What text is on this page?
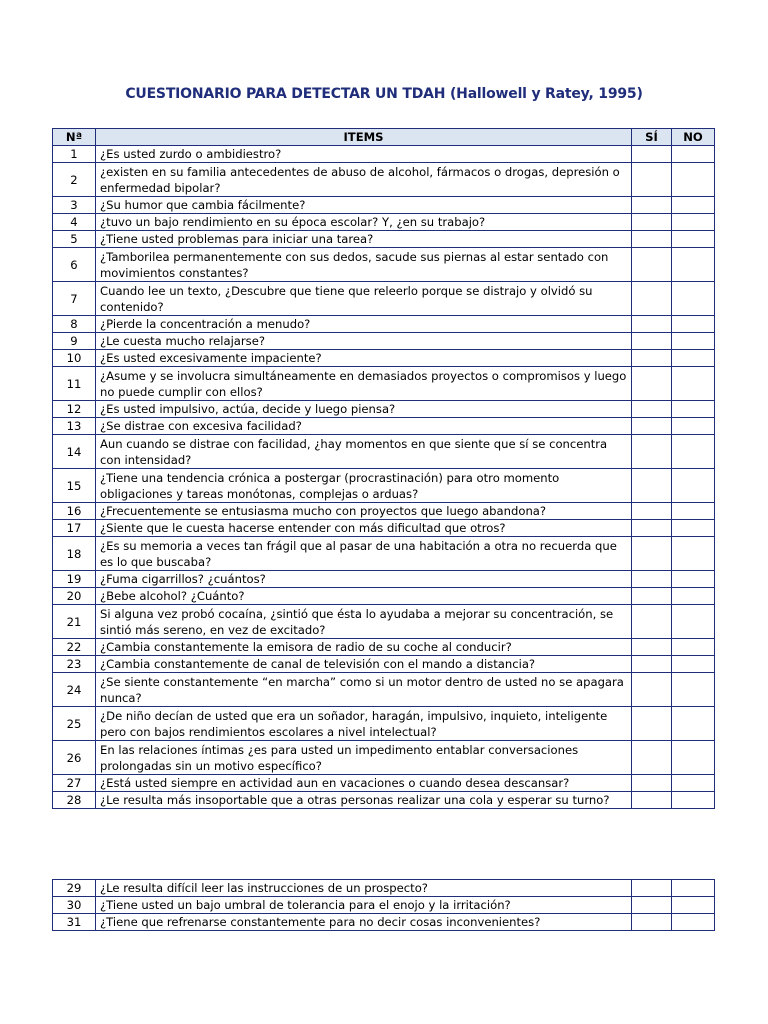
CUESTIONARIO PARA DETECTAR UN TDAH (Hallowell y Ratey, 1995)
Nª	ITEMS	SÍ	NO
1	¿Es usted zurdo o ambidiestro?		
2	¿existen en su familia antecedentes de abuso de alcohol, fármacos o drogas, depresión o enfermedad bipolar?		
3	¿Su humor que cambia fácilmente?		
4	¿tuvo un bajo rendimiento en su época escolar? Y, ¿en su trabajo?		
5	¿Tiene usted problemas para iniciar una tarea?		
6	¿Tamborilea permanentemente con sus dedos, sacude sus piernas al estar sentado con movimientos constantes?		
7	Cuando lee un texto, ¿Descubre que tiene que releerlo porque se distrajo y olvidó su contenido?		
8	¿Pierde la concentración a menudo?		
9	¿Le cuesta mucho relajarse?		
10	¿Es usted excesivamente impaciente?		
11	¿Asume y se involucra simultáneamente en demasiados proyectos o compromisos y luego no puede cumplir con ellos?		
12	¿Es usted impulsivo, actúa, decide y luego piensa?		
13	¿Se distrae con excesiva facilidad?		
14	Aun cuando se distrae con facilidad, ¿hay momentos en que siente que sí se concentra con intensidad?		
15	¿Tiene una tendencia crónica a postergar (procrastinación) para otro momento obligaciones y tareas monótonas, complejas o arduas?		
16	¿Frecuentemente se entusiasma mucho con proyectos que luego abandona?		
17	¿Siente que le cuesta hacerse entender con más dificultad que otros?		
18	¿Es su memoria a veces tan frágil que al pasar de una habitación a otra no recuerda que es lo que buscaba?		
19	¿Fuma cigarrillos? ¿cuántos?		
20	¿Bebe alcohol? ¿Cuánto?		
21	Si alguna vez probó cocaína, ¿sintió que ésta lo ayudaba a mejorar su concentración, se sintió más sereno, en vez de excitado?		
22	¿Cambia constantemente la emisora de radio de su coche al conducir?		
23	¿Cambia constantemente de canal de televisión con el mando a distancia?		
24	¿Se siente constantemente “en marcha” como si un motor dentro de usted no se apagara nunca?		
25	¿De niño decían de usted que era un soñador, haragán, impulsivo, inquieto, inteligente pero con bajos rendimientos escolares a nivel intelectual?		
26	En las relaciones íntimas ¿es para usted un impedimento entablar conversaciones prolongadas sin un motivo específico?		
27	¿Está usted siempre en actividad aun en vacaciones o cuando desea descansar?		
28	¿Le resulta más insoportable que a otras personas realizar una cola y esperar su turno?		
29	¿Le resulta difícil leer las instrucciones de un prospecto?		
30	¿Tiene usted un bajo umbral de tolerancia para el enojo y la irritación?		
31	¿Tiene que refrenarse constantemente para no decir cosas inconvenientes?		
